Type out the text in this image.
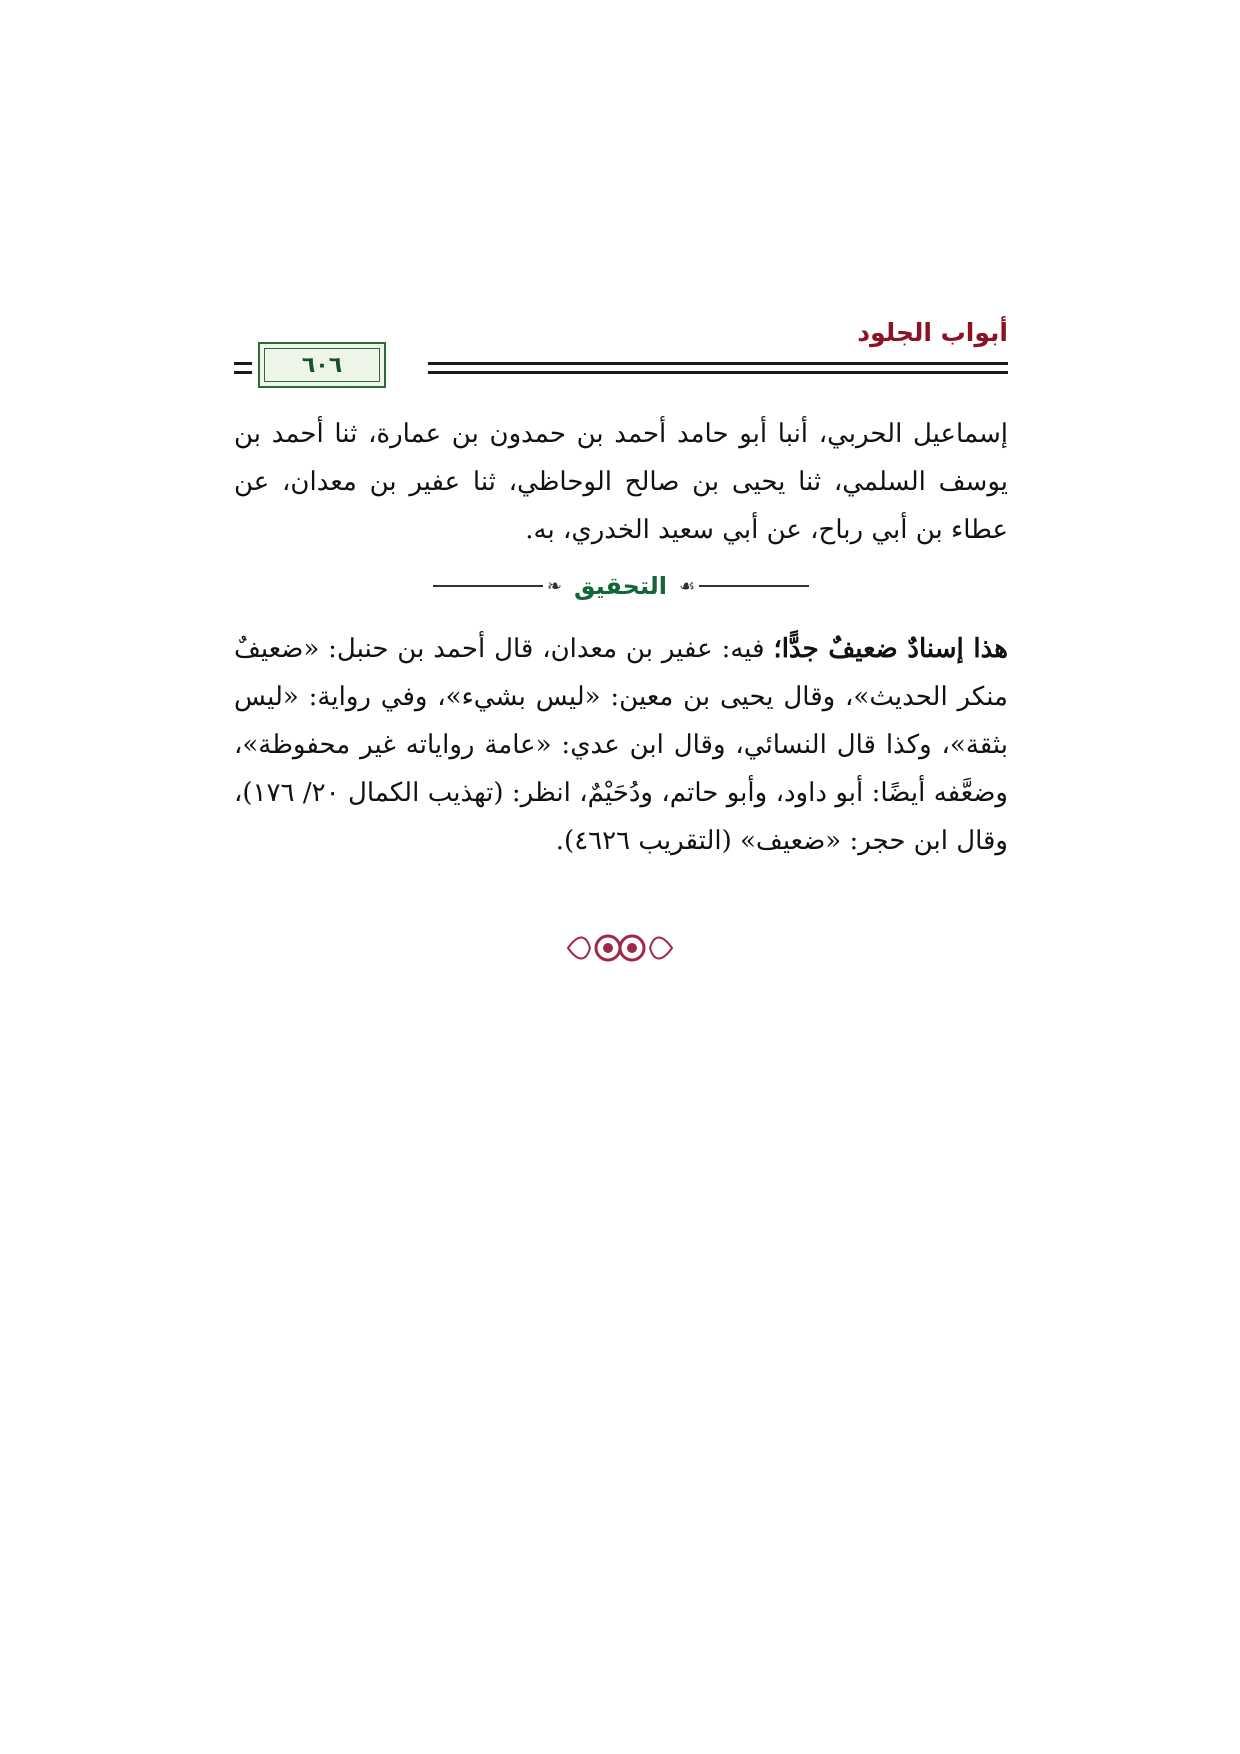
أبواب الجلود
٦٠٦
إسماعيل الحربي، أنبا أبو حامد أحمد بن حمدون بن عمارة، ثنا أحمد بن يوسف السلمي، ثنا يحيى بن صالح الوحاظي، ثنا عفير بن معدان، عن عطاء بن أبي رباح، عن أبي سعيد الخدري، به.
❧ التحقيق ☙
هذا إسنادٌ ضعيفٌ جدًّا؛ فيه: عفير بن معدان، قال أحمد بن حنبل: «ضعيفٌ منكر الحديث»، وقال يحيى بن معين: «ليس بشيء»، وفي رواية: «ليس بثقة»، وكذا قال النسائي، وقال ابن عدي: «عامة رواياته غير محفوظة»، وضعَّفه أيضًا: أبو داود، وأبو حاتم، ودُحَيْمٌ، انظر: (تهذيب الكمال ٢٠/ ١٧٦)، وقال ابن حجر: «ضعيف» (التقريب ٤٦٢٦).
